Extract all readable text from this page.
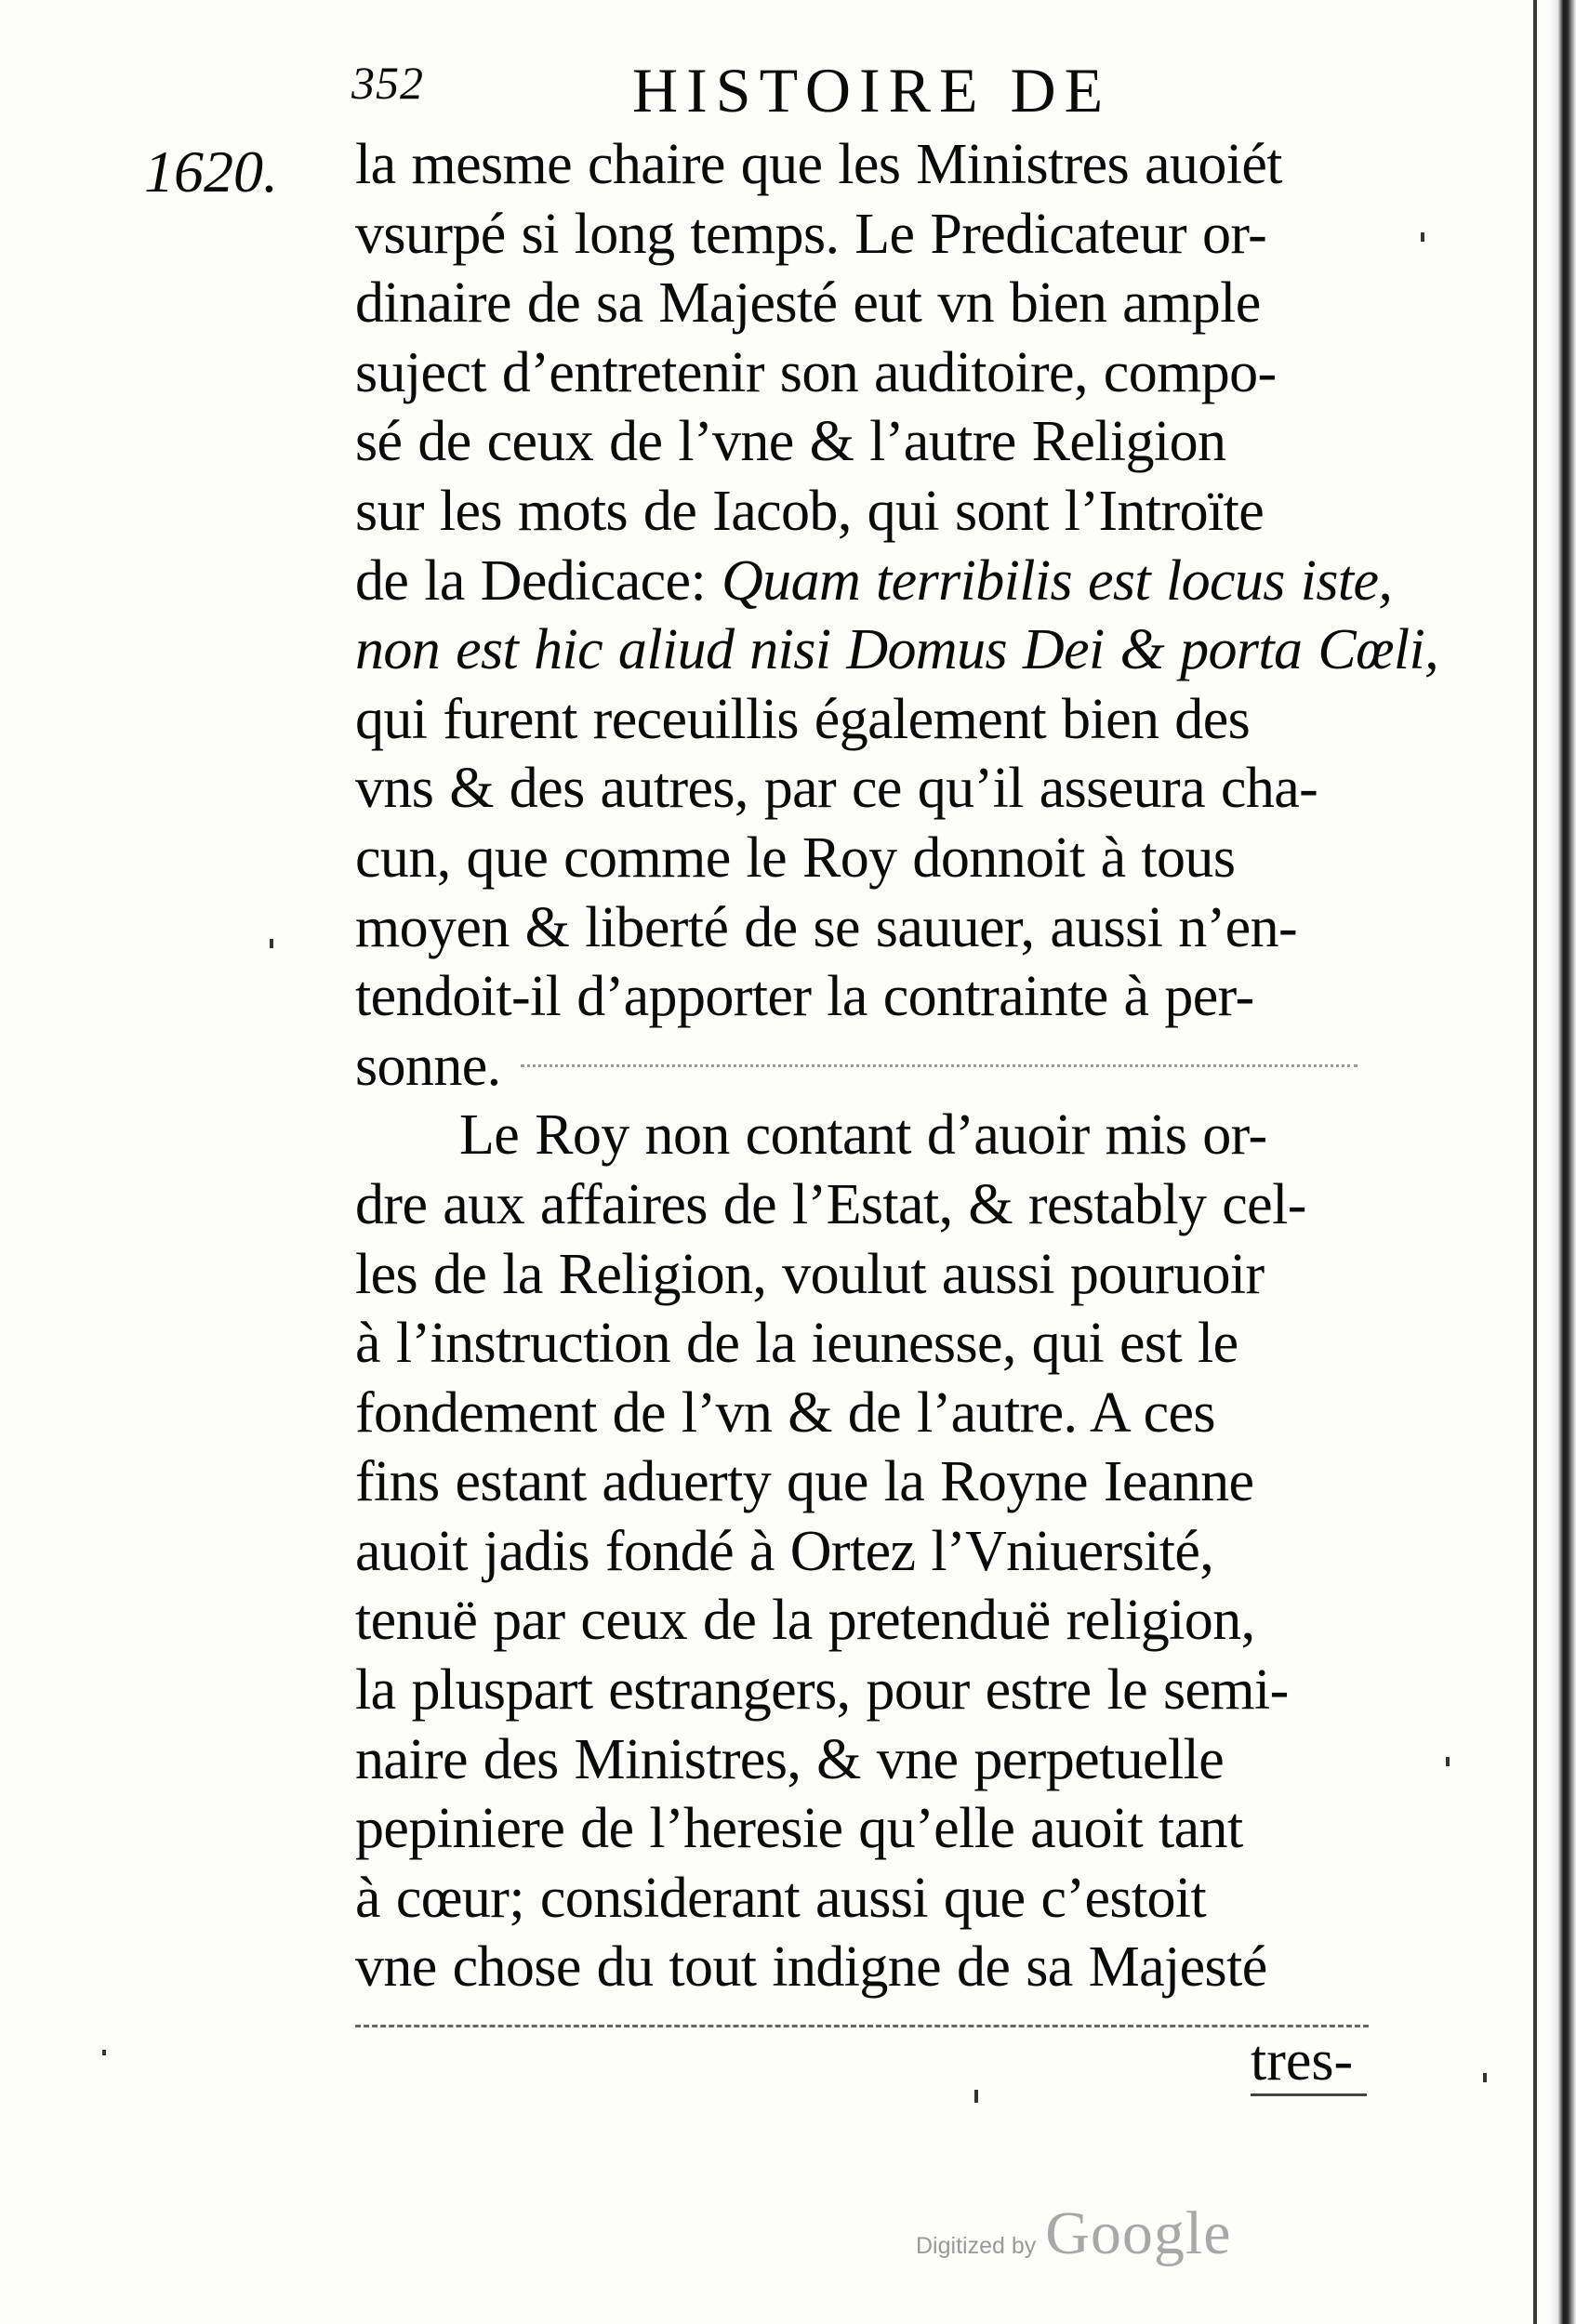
352	HISTOIRE DE
1620. la mesme chaire que les Ministres auoiét
vsurpé si long temps. Le Predicateur or-
dinaire de sa Majesté eut vn bien ample
suject d’entretenir son auditoire, compo-
sé de ceux de l’vne & l’autre Religion
sur les mots de Iacob, qui sont l’Introïte
de la Dedicace: Quam terribilis est locus iste,
non est hic aliud nisi Domus Dei & porta Cœli,
qui furent receuillis également bien des
vns & des autres, par ce qu’il asseura cha-
cun, que comme le Roy donnoit à tous
moyen & liberté de se sauuer, aussi n’en-
tendoit-il d’apporter la contrainte à per-
sonne.
Le Roy non contant d’auoir mis or-
dre aux affaires de l’Estat, & restably cel-
les de la Religion, voulut aussi pouruoir
à l’instruction de la ieunesse, qui est le
fondement de l’vn & de l’autre. A ces
fins estant aduerty que la Royne Ieanne
auoit jadis fondé à Ortez l’Vniuersité,
tenuë par ceux de la pretenduë religion,
la pluspart estrangers, pour estre le semi-
naire des Ministres, & vne perpetuelle
pepiniere de l’heresie qu’elle auoit tant
à cœur; considerant aussi que c’estoit
vne chose du tout indigne de sa Majesté
tres-
Digitized by Google
